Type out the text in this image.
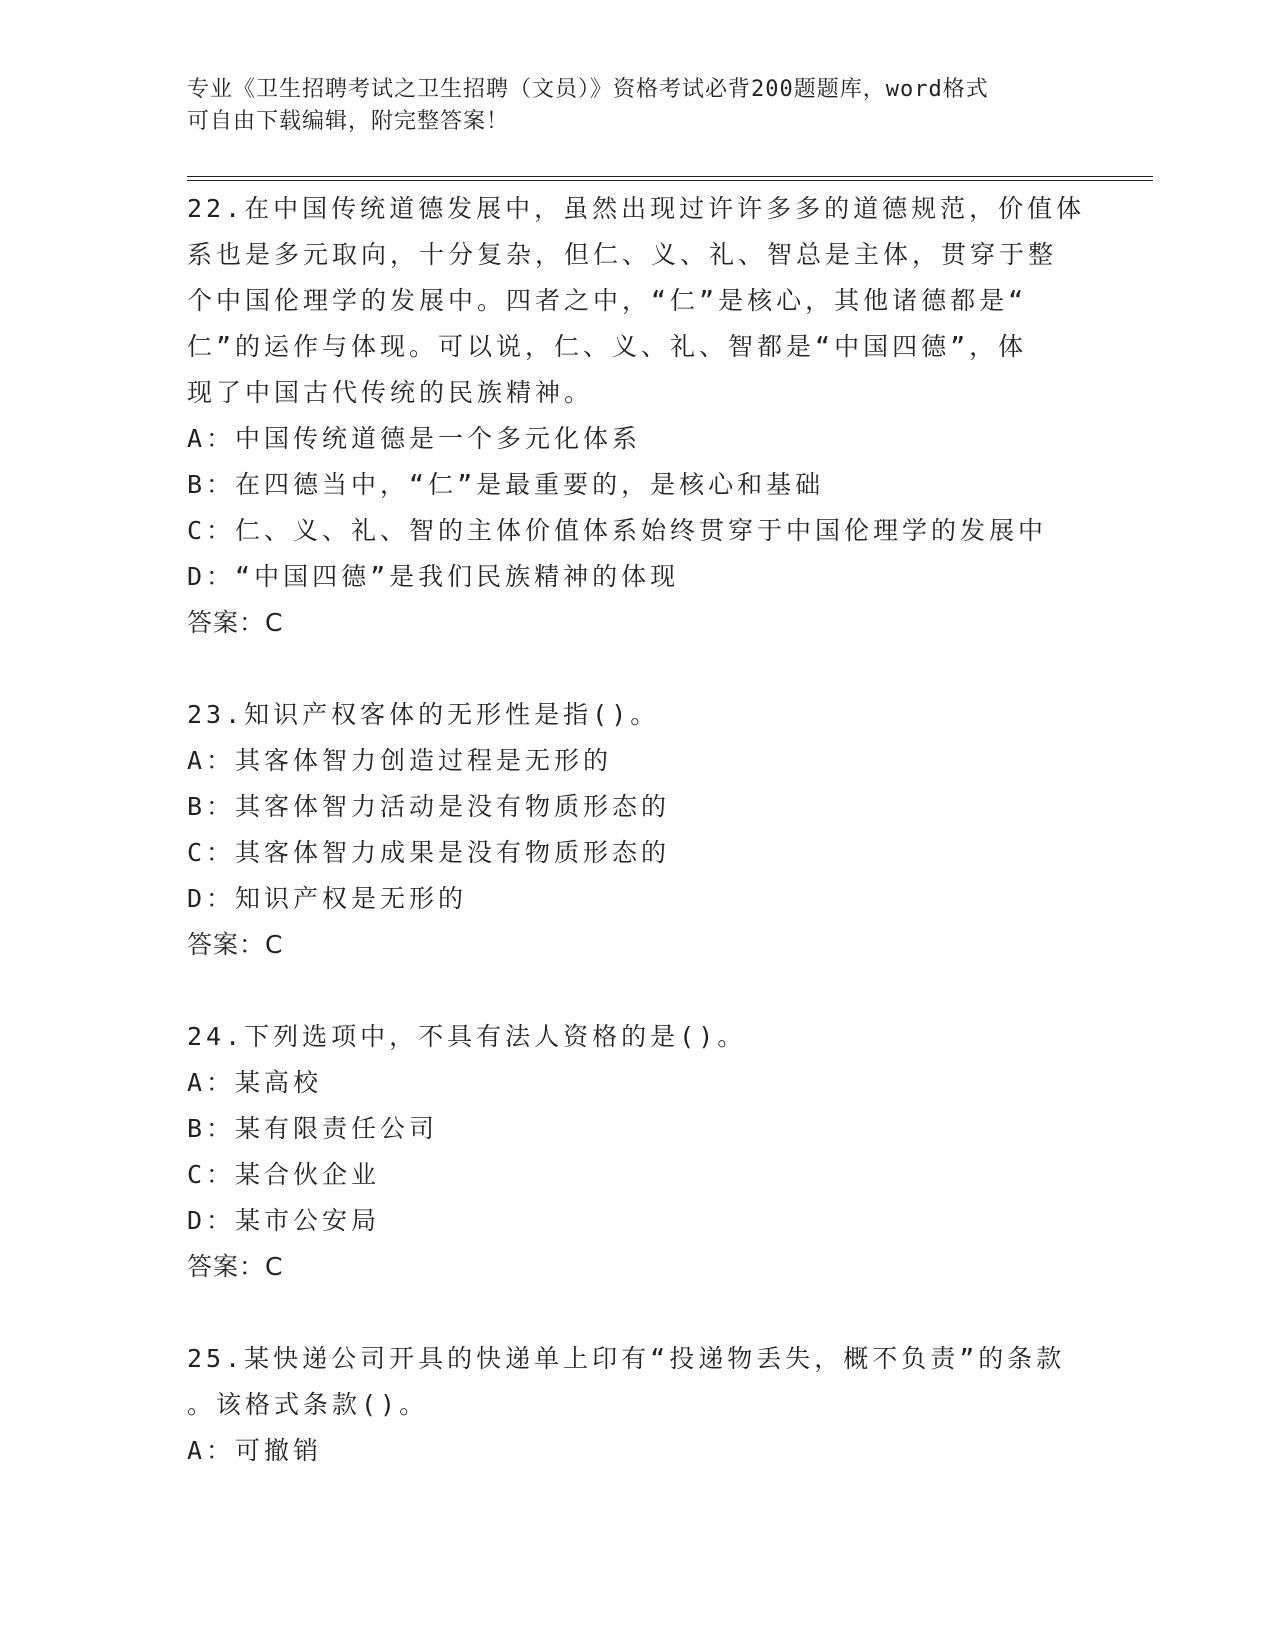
专业《卫生招聘考试之卫生招聘（文员）》资格考试必背200题题库，word格式
可自由下载编辑，附完整答案！
22.在中国传统道德发展中，虽然出现过许许多多的道德规范，价值体
系也是多元取向，十分复杂，但仁、义、礼、智总是主体，贯穿于整
个中国伦理学的发展中。四者之中，“仁”是核心，其他诸德都是“
仁”的运作与体现。可以说，仁、义、礼、智都是“中国四德”，体
现了中国古代传统的民族精神。
A：中国传统道德是一个多元化体系
B：在四德当中，“仁”是最重要的，是核心和基础
C：仁、义、礼、智的主体价值体系始终贯穿于中国伦理学的发展中
D：“中国四德”是我们民族精神的体现
答案：C
23.知识产权客体的无形性是指()。
A：其客体智力创造过程是无形的
B：其客体智力活动是没有物质形态的
C：其客体智力成果是没有物质形态的
D：知识产权是无形的
答案：C
24.下列选项中，不具有法人资格的是()。
A：某高校
B：某有限责任公司
C：某合伙企业
D：某市公安局
答案：C
25.某快递公司开具的快递单上印有“投递物丢失，概不负责”的条款
。该格式条款()。
A：可撤销
